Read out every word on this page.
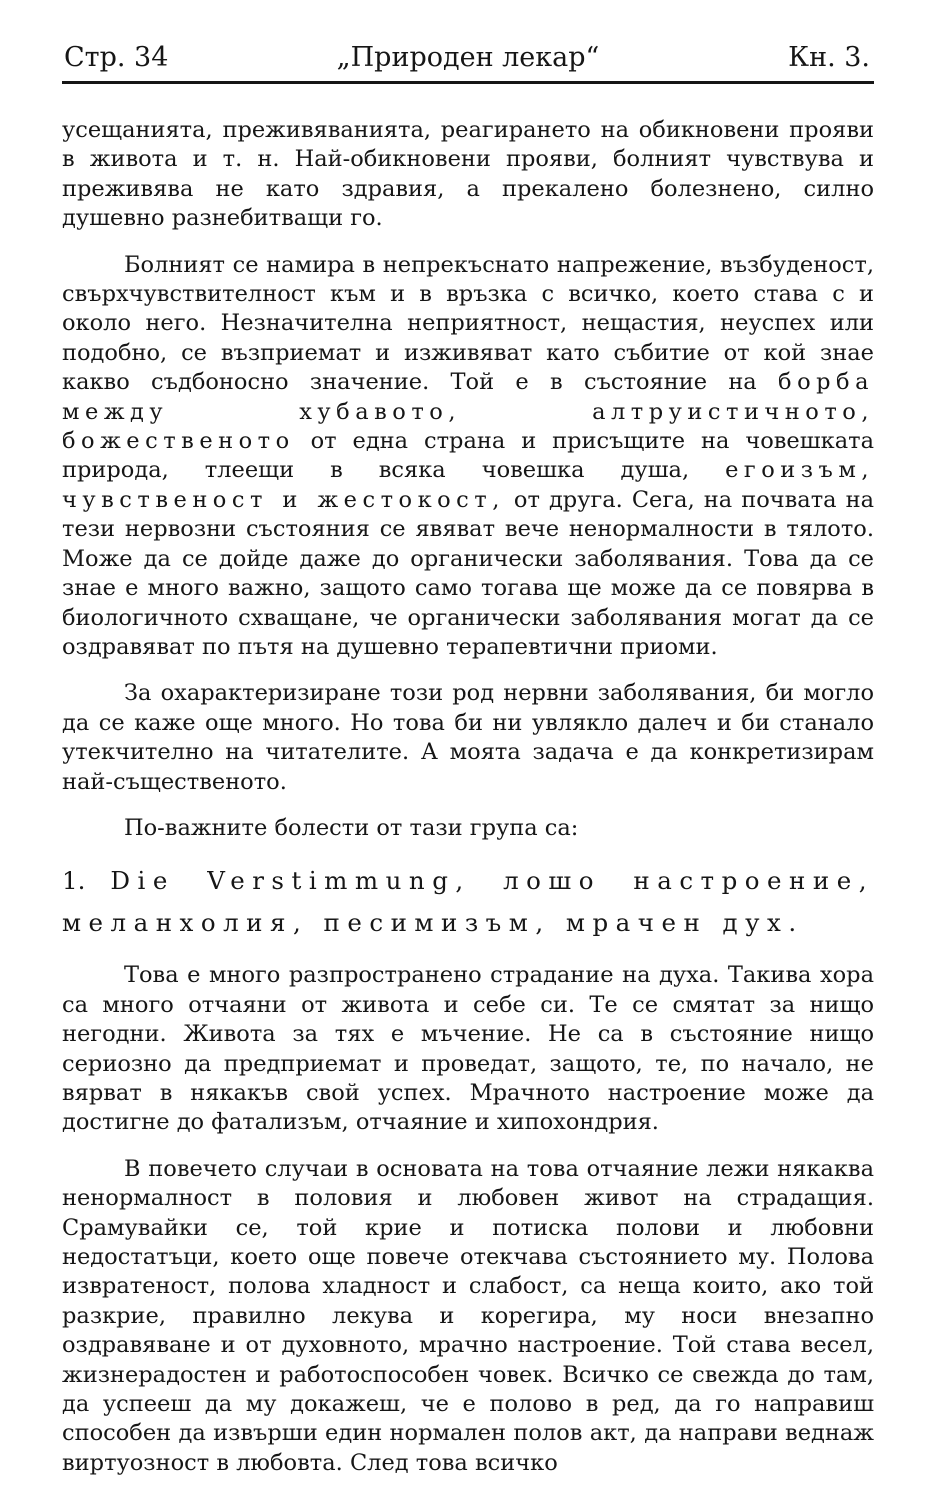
Стр. 34	„Природен лекар“	Кн. 3.

усещанията, преживяванията, реагирането на обикновени прояви в живота и т. н. Най-обикновени прояви, болният чувствува и преживява не като здравия, а прекалено болезнено, силно душевно разнебитващи го.

Болният се намира в непрекъснато напрежение, възбуденост, свърхчувствителност към и в връзка с всичко, което става с и около него. Незначителна неприятност, нещастия, неуспех или подобно, се възприемат и изживяват като събитие от кой знае какво съдбоносно значение. Той е в състояние на борба между хубавото, алтруистичното, божественото от една страна и присъщите на човешката природа, тлеещи в всяка човешка душа, егоизъм, чувственост и жестокост, от друга. Сега, на почвата на тези нервозни състояния се явяват вече ненормалности в тялото. Може да се дойде даже до органически заболявания. Това да се знае е много важно, защото само тогава ще може да се повярва в биологичното схващане, че органически заболявания могат да се оздравяват по пътя на душевно терапевтични приоми.

За охарактеризиране този род нервни заболявания, би могло да се каже още много. Но това би ни увлякло далеч и би станало утекчително на читателите. А моята задача е да конкретизирам най-същественото.

По-важните болести от тази група са:

1. Die Verstimmung, лошо настроение, меланхолия, песимизъм, мрачен дух.

Това е много разпространено страдание на духа. Такива хора са много отчаяни от живота и себе си. Те се смятат за нищо негодни. Живота за тях е мъчение. Не са в състояние нищо сериозно да предприемат и проведат, защото, те, по начало, не вярват в някакъв свой успех. Мрачното настроение може да достигне до фатализъм, отчаяние и хипохондрия.

В повечето случаи в основата на това отчаяние лежи някаква ненормалност в половия и любовен живот на страдащия. Срамувайки се, той крие и потиска полови и любовни недостатъци, което още повече отекчава състоянието му. Полова извратеност, полова хладност и слабост, са неща които, ако той разкрие, правилно лекува и корегира, му носи внезапно оздравяване и от духовното, мрачно настроение. Той става весел, жизнерадостен и работоспособен човек. Всичко се свежда до там, да успееш да му докажеш, че е полово в ред, да го направиш способен да извърши един нормален полов акт, да направи веднаж виртуозност в любовта. След това всичко
